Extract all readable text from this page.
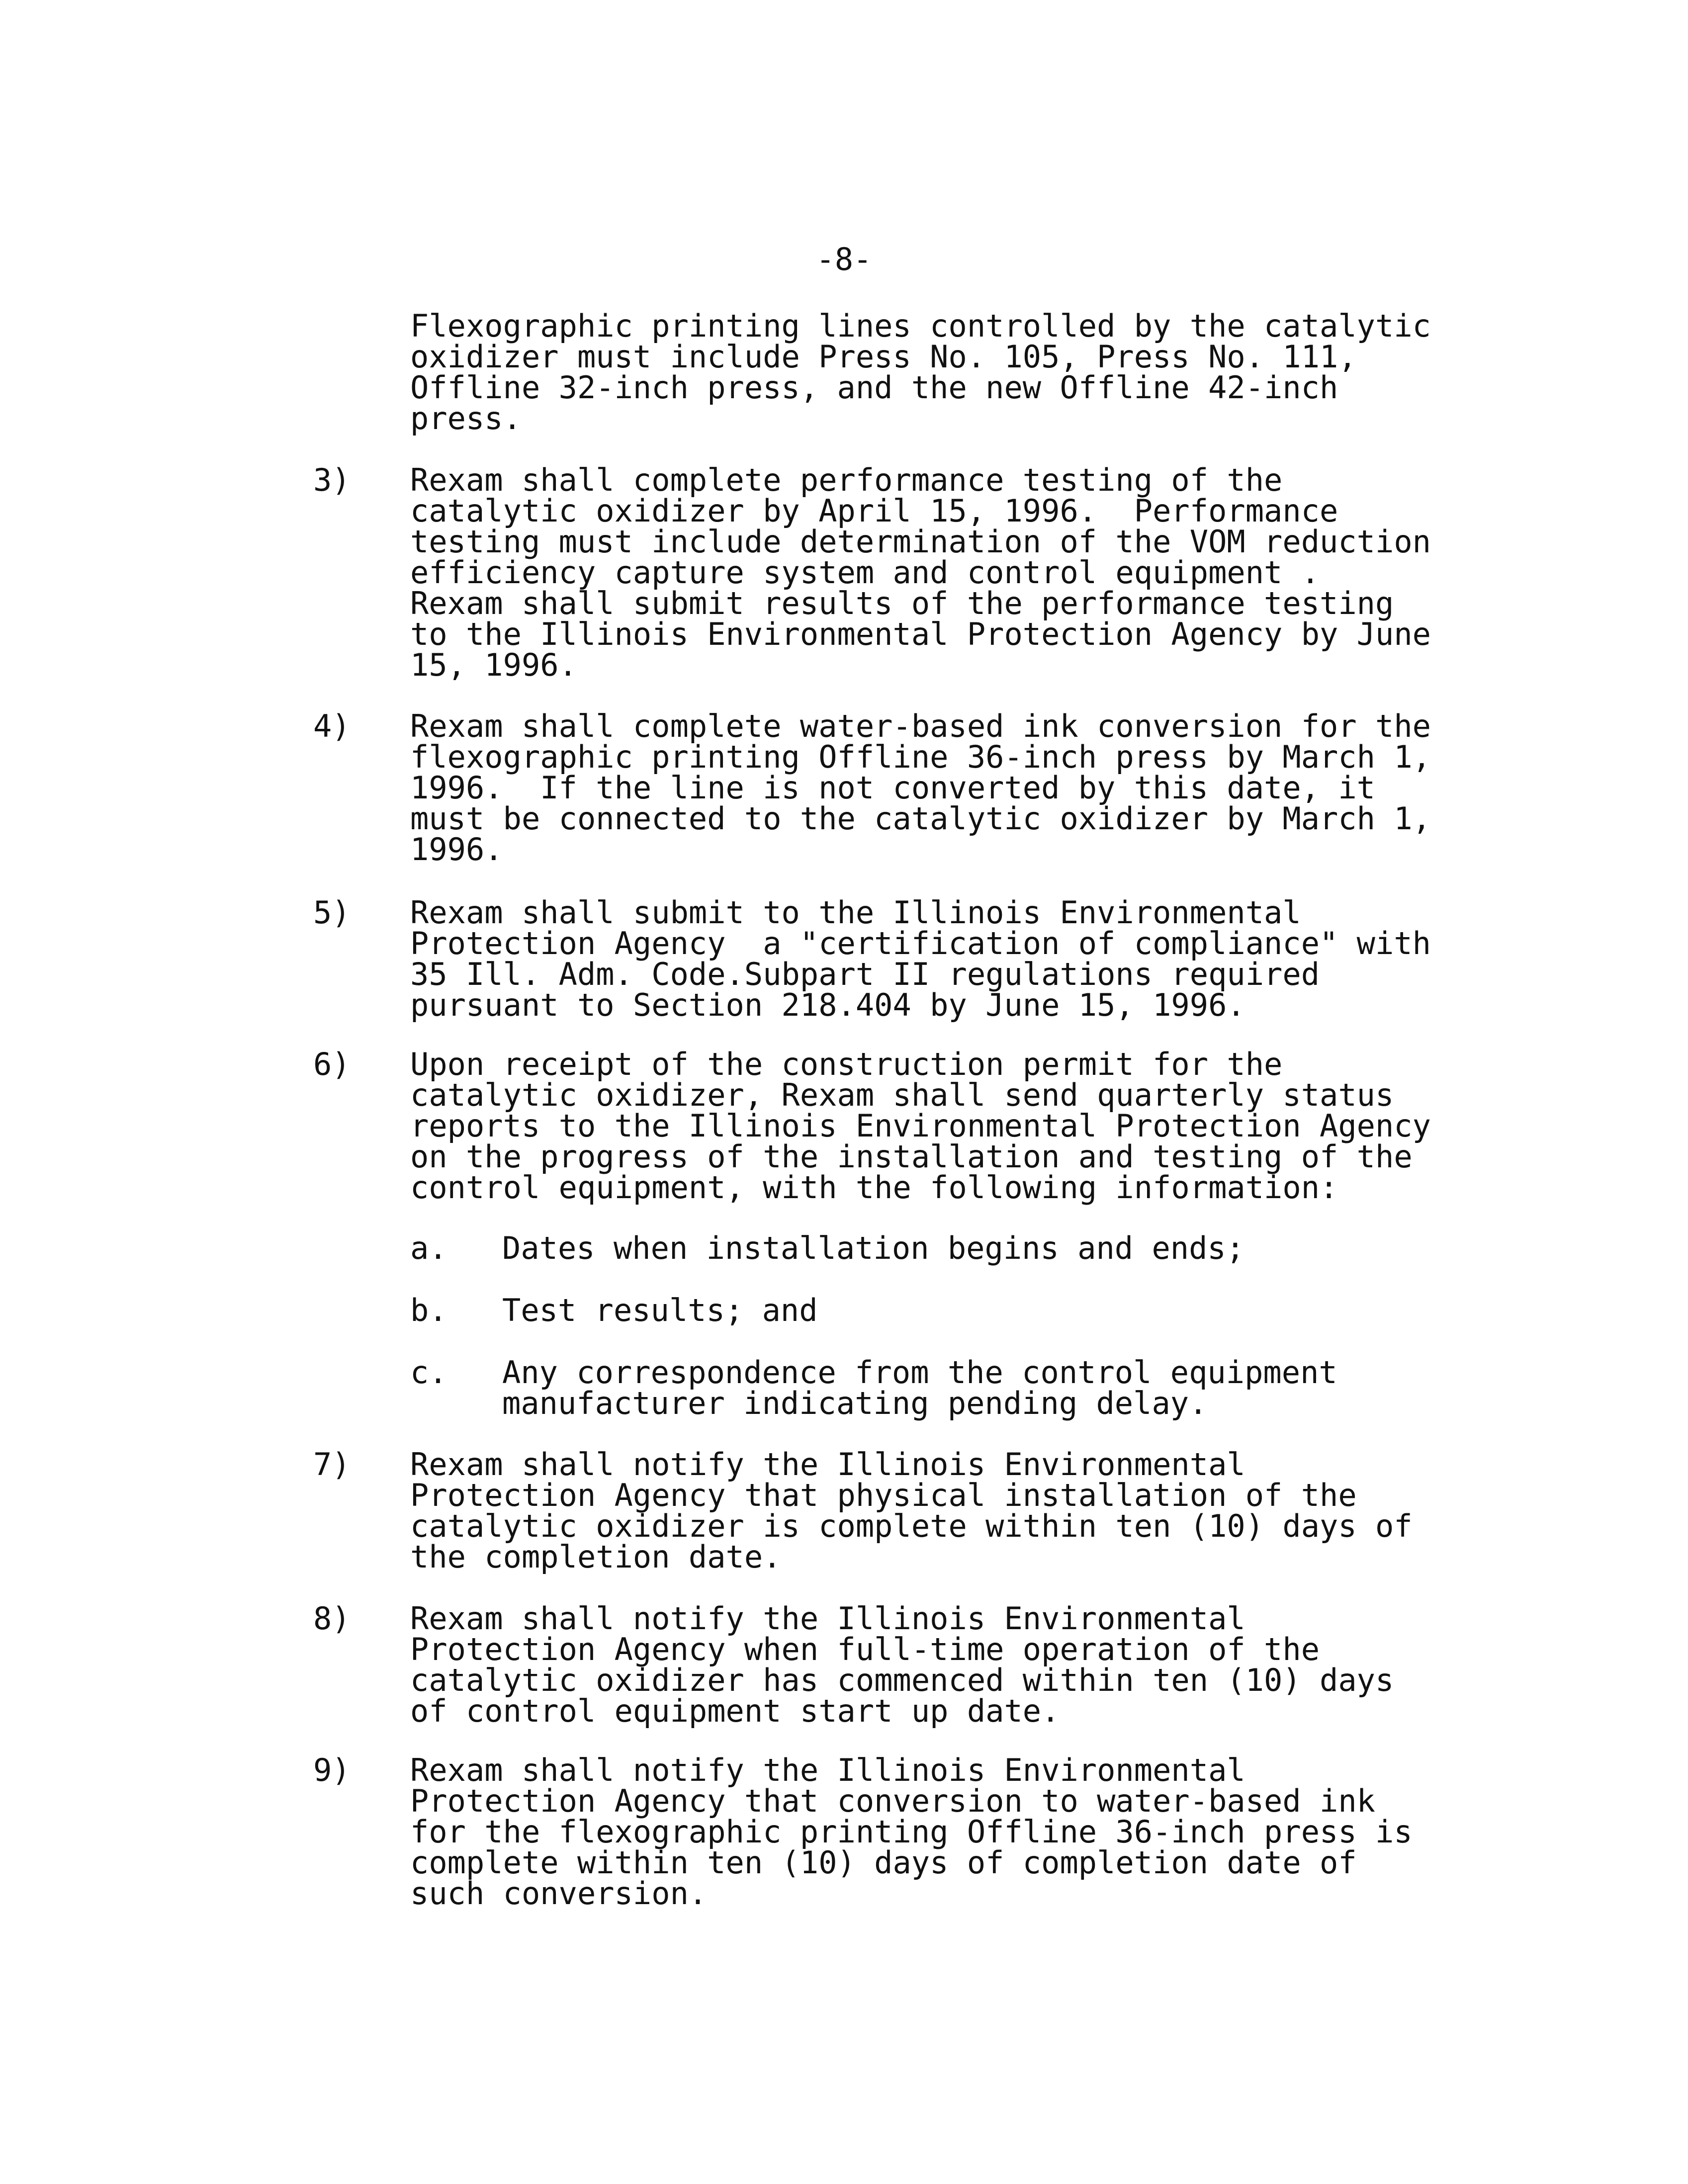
-8-
Flexographic printing lines controlled by the catalytic
oxidizer must include Press No. 105, Press No. 111,
Offline 32-inch press, and the new Offline 42-inch
press.
3) Rexam shall complete performance testing of the
catalytic oxidizer by April 15, 1996.  Performance
testing must include determination of the VOM reduction
efficiency capture system and control equipment .
Rexam shall submit results of the performance testing
to the Illinois Environmental Protection Agency by June
15, 1996.
4) Rexam shall complete water-based ink conversion for the
flexographic printing Offline 36-inch press by March 1,
1996.  If the line is not converted by this date, it
must be connected to the catalytic oxidizer by March 1,
1996.
5) Rexam shall submit to the Illinois Environmental
Protection Agency  a "certification of compliance" with
35 Ill. Adm. Code.Subpart II regulations required
pursuant to Section 218.404 by June 15, 1996.
6) Upon receipt of the construction permit for the
catalytic oxidizer, Rexam shall send quarterly status
reports to the Illinois Environmental Protection Agency
on the progress of the installation and testing of the
control equipment, with the following information:
a. Dates when installation begins and ends;
b. Test results; and
c. Any correspondence from the control equipment
manufacturer indicating pending delay.
7) Rexam shall notify the Illinois Environmental
Protection Agency that physical installation of the
catalytic oxidizer is complete within ten (10) days of
the completion date.
8) Rexam shall notify the Illinois Environmental
Protection Agency when full-time operation of the
catalytic oxidizer has commenced within ten (10) days
of control equipment start up date.
9) Rexam shall notify the Illinois Environmental
Protection Agency that conversion to water-based ink
for the flexographic printing Offline 36-inch press is
complete within ten (10) days of completion date of
such conversion.
